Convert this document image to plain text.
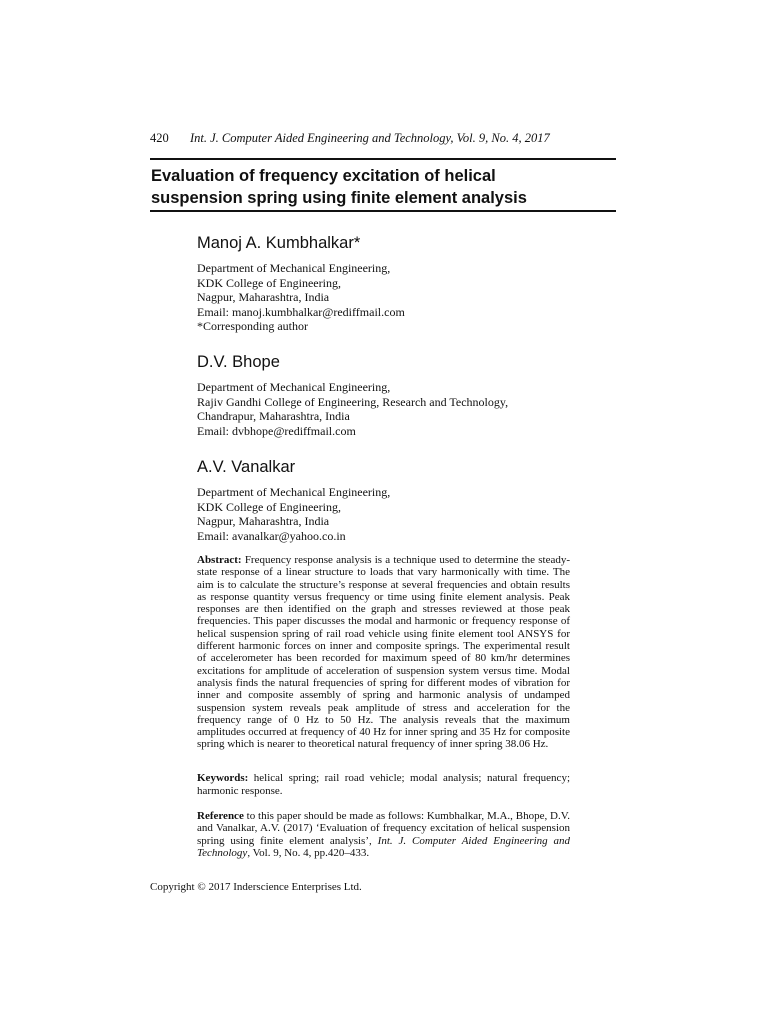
420 Int. J. Computer Aided Engineering and Technology, Vol. 9, No. 4, 2017
Evaluation of frequency excitation of helical
suspension spring using finite element analysis
Manoj A. Kumbhalkar*
Department of Mechanical Engineering,
KDK College of Engineering,
Nagpur, Maharashtra, India
Email: manoj.kumbhalkar@rediffmail.com
*Corresponding author
D.V. Bhope
Department of Mechanical Engineering,
Rajiv Gandhi College of Engineering, Research and Technology,
Chandrapur, Maharashtra, India
Email: dvbhope@rediffmail.com
A.V. Vanalkar
Department of Mechanical Engineering,
KDK College of Engineering,
Nagpur, Maharashtra, India
Email: avanalkar@yahoo.co.in

Abstract: Frequency response analysis is a technique used to determine the steady-state response of a linear structure to loads that vary harmonically with time. The aim is to calculate the structure’s response at several frequencies and obtain results as response quantity versus frequency or time using finite element analysis. Peak responses are then identified on the graph and stresses reviewed at those peak frequencies. This paper discusses the modal and harmonic or frequency response of helical suspension spring of rail road vehicle using finite element tool ANSYS for different harmonic forces on inner and composite springs. The experimental result of accelerometer has been recorded for maximum speed of 80 km/hr determines excitations for amplitude of acceleration of suspension system versus time. Modal analysis finds the natural frequencies of spring for different modes of vibration for inner and composite assembly of spring and harmonic analysis of undamped suspension system reveals peak amplitude of stress and acceleration for the frequency range of 0 Hz to 50 Hz. The analysis reveals that the maximum amplitudes occurred at frequency of 40 Hz for inner spring and 35 Hz for composite spring which is nearer to theoretical natural frequency of inner spring 38.06 Hz.

Keywords: helical spring; rail road vehicle; modal analysis; natural frequency; harmonic response.

Reference to this paper should be made as follows: Kumbhalkar, M.A., Bhope, D.V. and Vanalkar, A.V. (2017) ‘Evaluation of frequency excitation of helical suspension spring using finite element analysis’, Int. J. Computer Aided Engineering and Technology, Vol. 9, No. 4, pp.420–433.

Copyright © 2017 Inderscience Enterprises Ltd.
